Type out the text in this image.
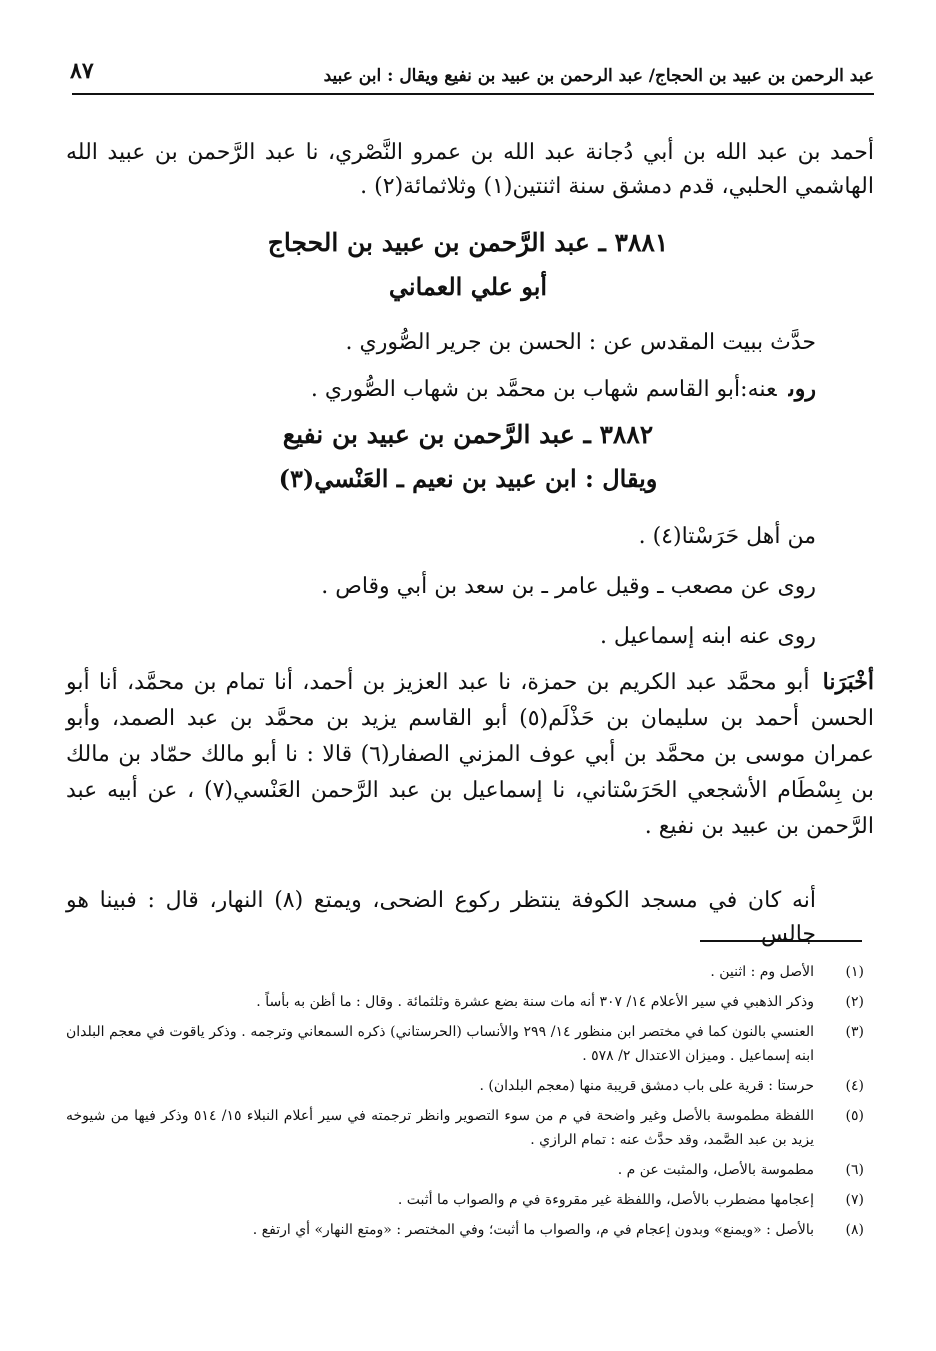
عبد الرحمن بن عبيد بن الحجاج/ عبد الرحمن بن عبيد بن نفيع ويقال : ابن عبيد
٨٧
أحمد بن عبد الله بن أبي دُجانة عبد الله بن عمرو النَّصْري، نا عبد الرَّحمن بن عبيد الله الهاشمي الحلبي، قدم دمشق سنة اثنتين(١) وثلاثمائة(٢) .
٣٨٨١ ـ عبد الرَّحمن بن عبيد بن الحجاج
أبو علي العماني
حدَّث ببيت المقدس عن : الحسن بن جرير الصُّوري .
روىعنه:أبو القاسم شهاب بن محمَّد بن شهاب الصُّوري .
٣٨٨٢ ـ عبد الرَّحمن بن عبيد بن نفيع
ويقال : ابن عبيد بن نعيم ـ العَنْسي(٣)
من أهل حَرَسْتا(٤) .
روى عن مصعب ـ وقيل عامر ـ بن سعد بن أبي وقاص .
روى عنه ابنه إسماعيل .
أخْبَرَنا أبو محمَّد عبد الكريم بن حمزة، نا عبد العزيز بن أحمد، أنا تمام بن محمَّد، أنا أبو الحسن أحمد بن سليمان بن حَذْلَم(٥) أبو القاسم يزيد بن محمَّد بن عبد الصمد، وأبو عمران موسى بن محمَّد بن أبي عوف المزني الصفار(٦) قالا : نا أبو مالك حمّاد بن مالك بن بِسْطَام الأشجعي الحَرَسْتاني، نا إسماعيل بن عبد الرَّحمن العَنْسي(٧) ، عن أبيه عبد الرَّحمن بن عبيد بن نفيع .
أنه كان في مسجد الكوفة ينتظر ركوع الضحى، ويمتع (٨) النهار، قال : فبينا هو جالس
(١)
الأصل وم : اثنين .
(٢)
وذكر الذهبي في سير الأعلام ١٤/ ٣٠٧ أنه مات سنة بضع عشرة وثلثمائة . وقال : ما أظن به بأساً .
(٣)
العنسي بالنون كما في مختصر ابن منظور ١٤/ ٢٩٩ والأنساب (الحرستاني) ذكره السمعاني وترجمه . وذكر ياقوت في معجم البلدان ابنه إسماعيل . وميزان الاعتدال ٢/ ٥٧٨ .
(٤)
حرستا : قرية على باب دمشق قريبة منها (معجم البلدان) .
(٥)
اللفظة مطموسة بالأصل وغير واضحة في م من سوء التصوير وانظر ترجمته في سير أعلام النبلاء ١٥/ ٥١٤ وذكر فيها من شيوخه يزيد بن عبد الصَّمد، وقد حدَّث عنه : تمام الرازي .
(٦)
مطموسة بالأصل، والمثبت عن م .
(٧)
إعجامها مضطرب بالأصل، واللفظة غير مقروءة في م والصواب ما أثبت .
(٨)
بالأصل : «ويمنع» وبدون إعجام في م، والصواب ما أثبت؛ وفي المختصر : «ومتع النهار» أي ارتفع .
